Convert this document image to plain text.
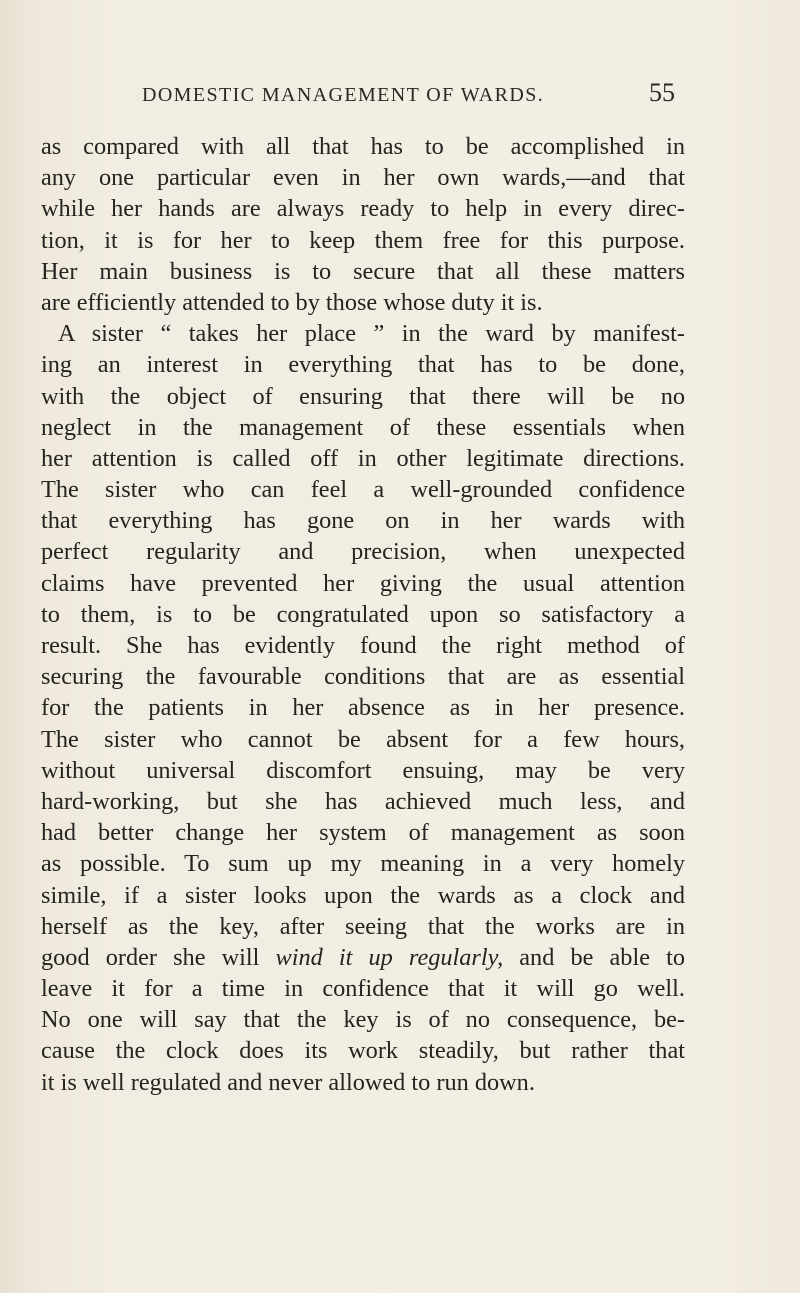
DOMESTIC MANAGEMENT OF WARDS.	55
as compared with all that has to be accomplished in
any one particular even in her own wards,—and that
while her hands are always ready to help in every direc-
tion, it is for her to keep them free for this purpose.
Her main business is to secure that all these matters
are efficiently attended to by those whose duty it is.
A sister “ takes her place ” in the ward by manifest-
ing an interest in everything that has to be done,
with the object of ensuring that there will be no
neglect in the management of these essentials when
her attention is called off in other legitimate directions.
The sister who can feel a well-grounded confidence
that everything has gone on in her wards with
perfect regularity and precision, when unexpected
claims have prevented her giving the usual attention
to them, is to be congratulated upon so satisfactory a
result. She has evidently found the right method of
securing the favourable conditions that are as essential
for the patients in her absence as in her presence.
The sister who cannot be absent for a few hours,
without universal discomfort ensuing, may be very
hard-working, but she has achieved much less, and
had better change her system of management as soon
as possible. To sum up my meaning in a very homely
simile, if a sister looks upon the wards as a clock and
herself as the key, after seeing that the works are in
good order she will wind it up regularly, and be able to
leave it for a time in confidence that it will go well.
No one will say that the key is of no consequence, be-
cause the clock does its work steadily, but rather that
it is well regulated and never allowed to run down.
